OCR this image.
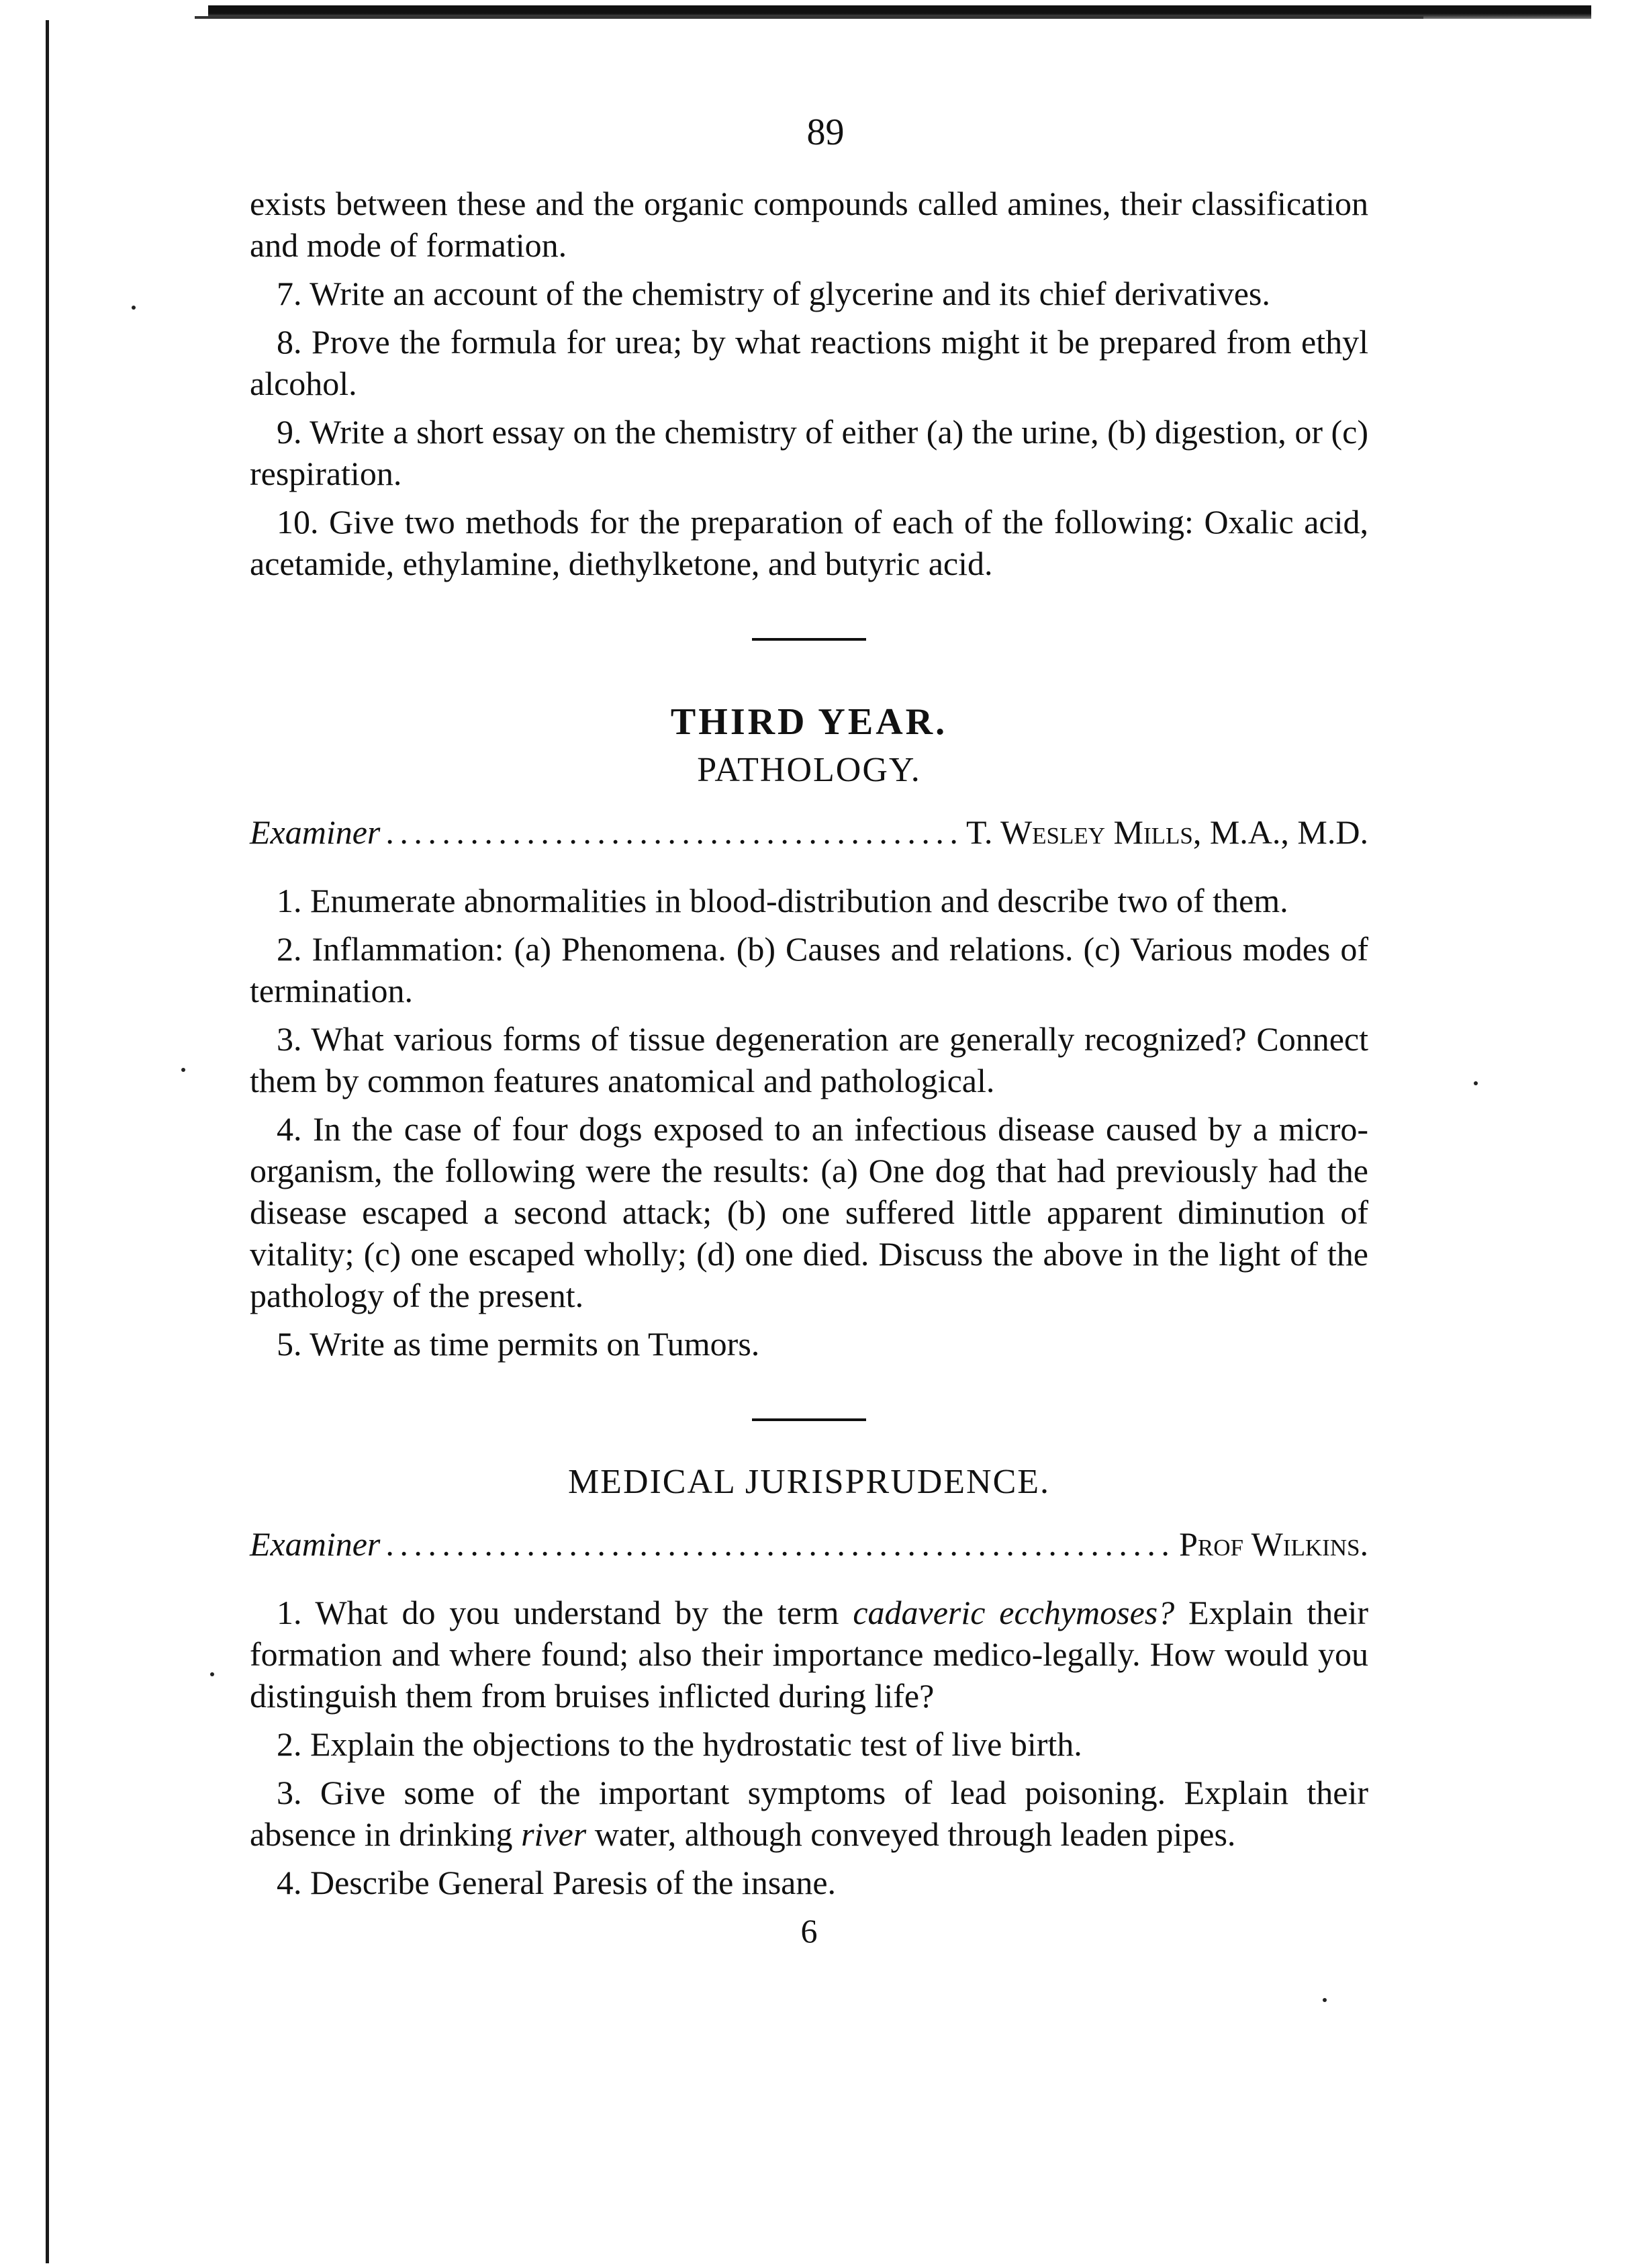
89

exists between these and the organic compounds called amines, their classification and mode of formation.

7. Write an account of the chemistry of glycerine and its chief derivatives.

8. Prove the formula for urea; by what reactions might it be prepared from ethyl alcohol.

9. Write a short essay on the chemistry of either (a) the urine, (b) digestion, or (c) respiration.

10. Give two methods for the preparation of each of the following: Oxalic acid, acetamide, ethylamine, diethylketone, and butyric acid.

THIRD YEAR.
PATHOLOGY.
Examiner . . .	T. Wesley Mills, M.A., M.D.

1. Enumerate abnormalities in blood-distribution and describe two of them.

2. Inflammation: (a) Phenomena. (b) Causes and relations. (c) Various modes of termination.

3. What various forms of tissue degeneration are generally recognized? Connect them by common features anatomical and pathological.

4. In the case of four dogs exposed to an infectious disease caused by a micro-organism, the following were the results: (a) One dog that had previously had the disease escaped a second attack; (b) one suffered little apparent diminution of vitality; (c) one escaped wholly; (d) one died. Discuss the above in the light of the pathology of the present.

5. Write as time permits on Tumors.

MEDICAL JURISPRUDENCE.
Examiner . . .	Prof Wilkins.

1. What do you understand by the term cadaveric ecchymoses? Explain their formation and where found; also their importance medico-legally. How would you distinguish them from bruises inflicted during life?

2. Explain the objections to the hydrostatic test of live birth.

3. Give some of the important symptoms of lead poisoning. Explain their absence in drinking river water, although conveyed through leaden pipes.

4. Describe General Paresis of the insane.

6
